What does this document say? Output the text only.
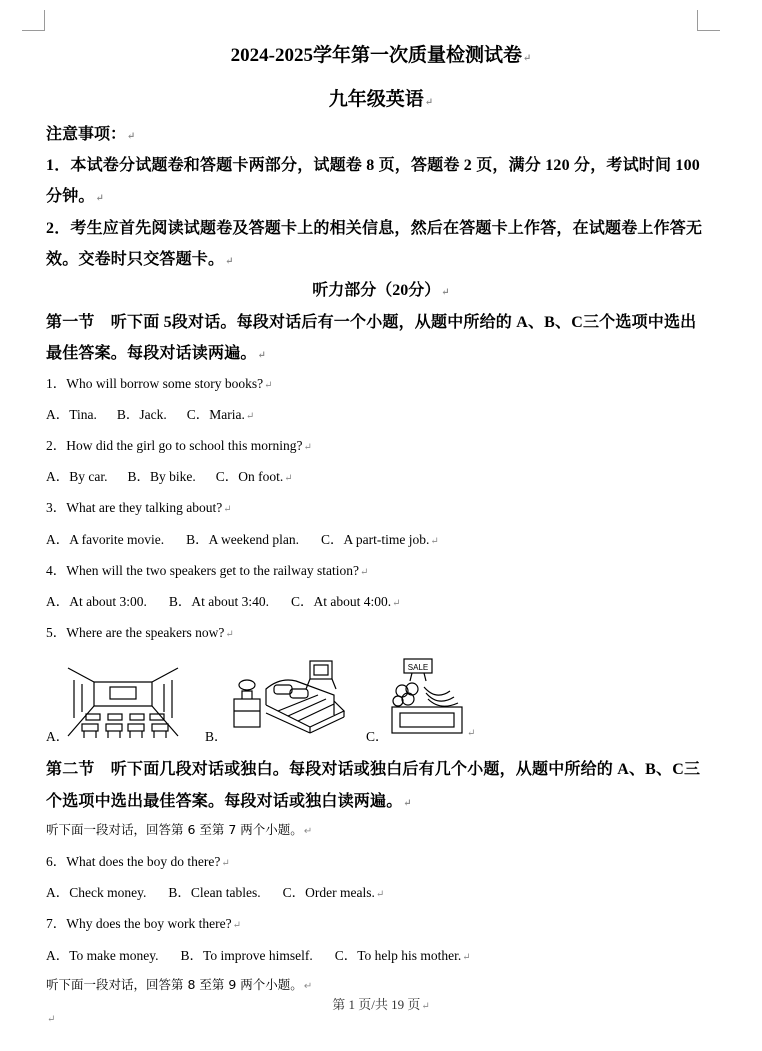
2024-2025学年第一次质量检测试卷↵
九年级英语↵
注意事项：↵
1．本试卷分试题卷和答题卡两部分，试题卷 8 页，答题卷 2 页，满分 120 分，考试时间 100
分钟。↵
2．考生应首先阅读试题卷及答题卡上的相关信息，然后在答题卡上作答，在试题卷上作答无
效。交卷时只交答题卡。↵
听力部分（20分）↵
第一节　听下面 5段对话。每段对话后有一个小题，从题中所给的 A、B、C三个选项中选出
最佳答案。每段对话读两遍。↵
1．Who will borrow some story books?↵
A．Tina. B．Jack. C．Maria.↵
2．How did the girl go to school this morning?↵
A．By car. B．By bike. C．On foot.↵
3．What are they talking about?↵
A．A favorite movie. B．A weekend plan. C．A part-time job.↵
4．When will the two speakers get to the railway station?↵
A．At about 3:00. B．At about 3:40. C．At about 4:00.↵
5．Where are the speakers now?↵
A．	B．	C．
SALE
↵
第二节　听下面几段对话或独白。每段对话或独白后有几个小题，从题中所给的 A、B、C三
个选项中选出最佳答案。每段对话或独白读两遍。↵
听下面一段对话，回答第 6 至第 7 两个小题。↵
6．What does the boy do there?↵
A．Check money. B．Clean tables. C．Order meals.↵
7．Why does the boy work there?↵
A．To make money. B．To improve himself. C．To help his mother.↵
听下面一段对话，回答第 8 至第 9 两个小题。↵
第 1 页/共 19 页↵
↵
